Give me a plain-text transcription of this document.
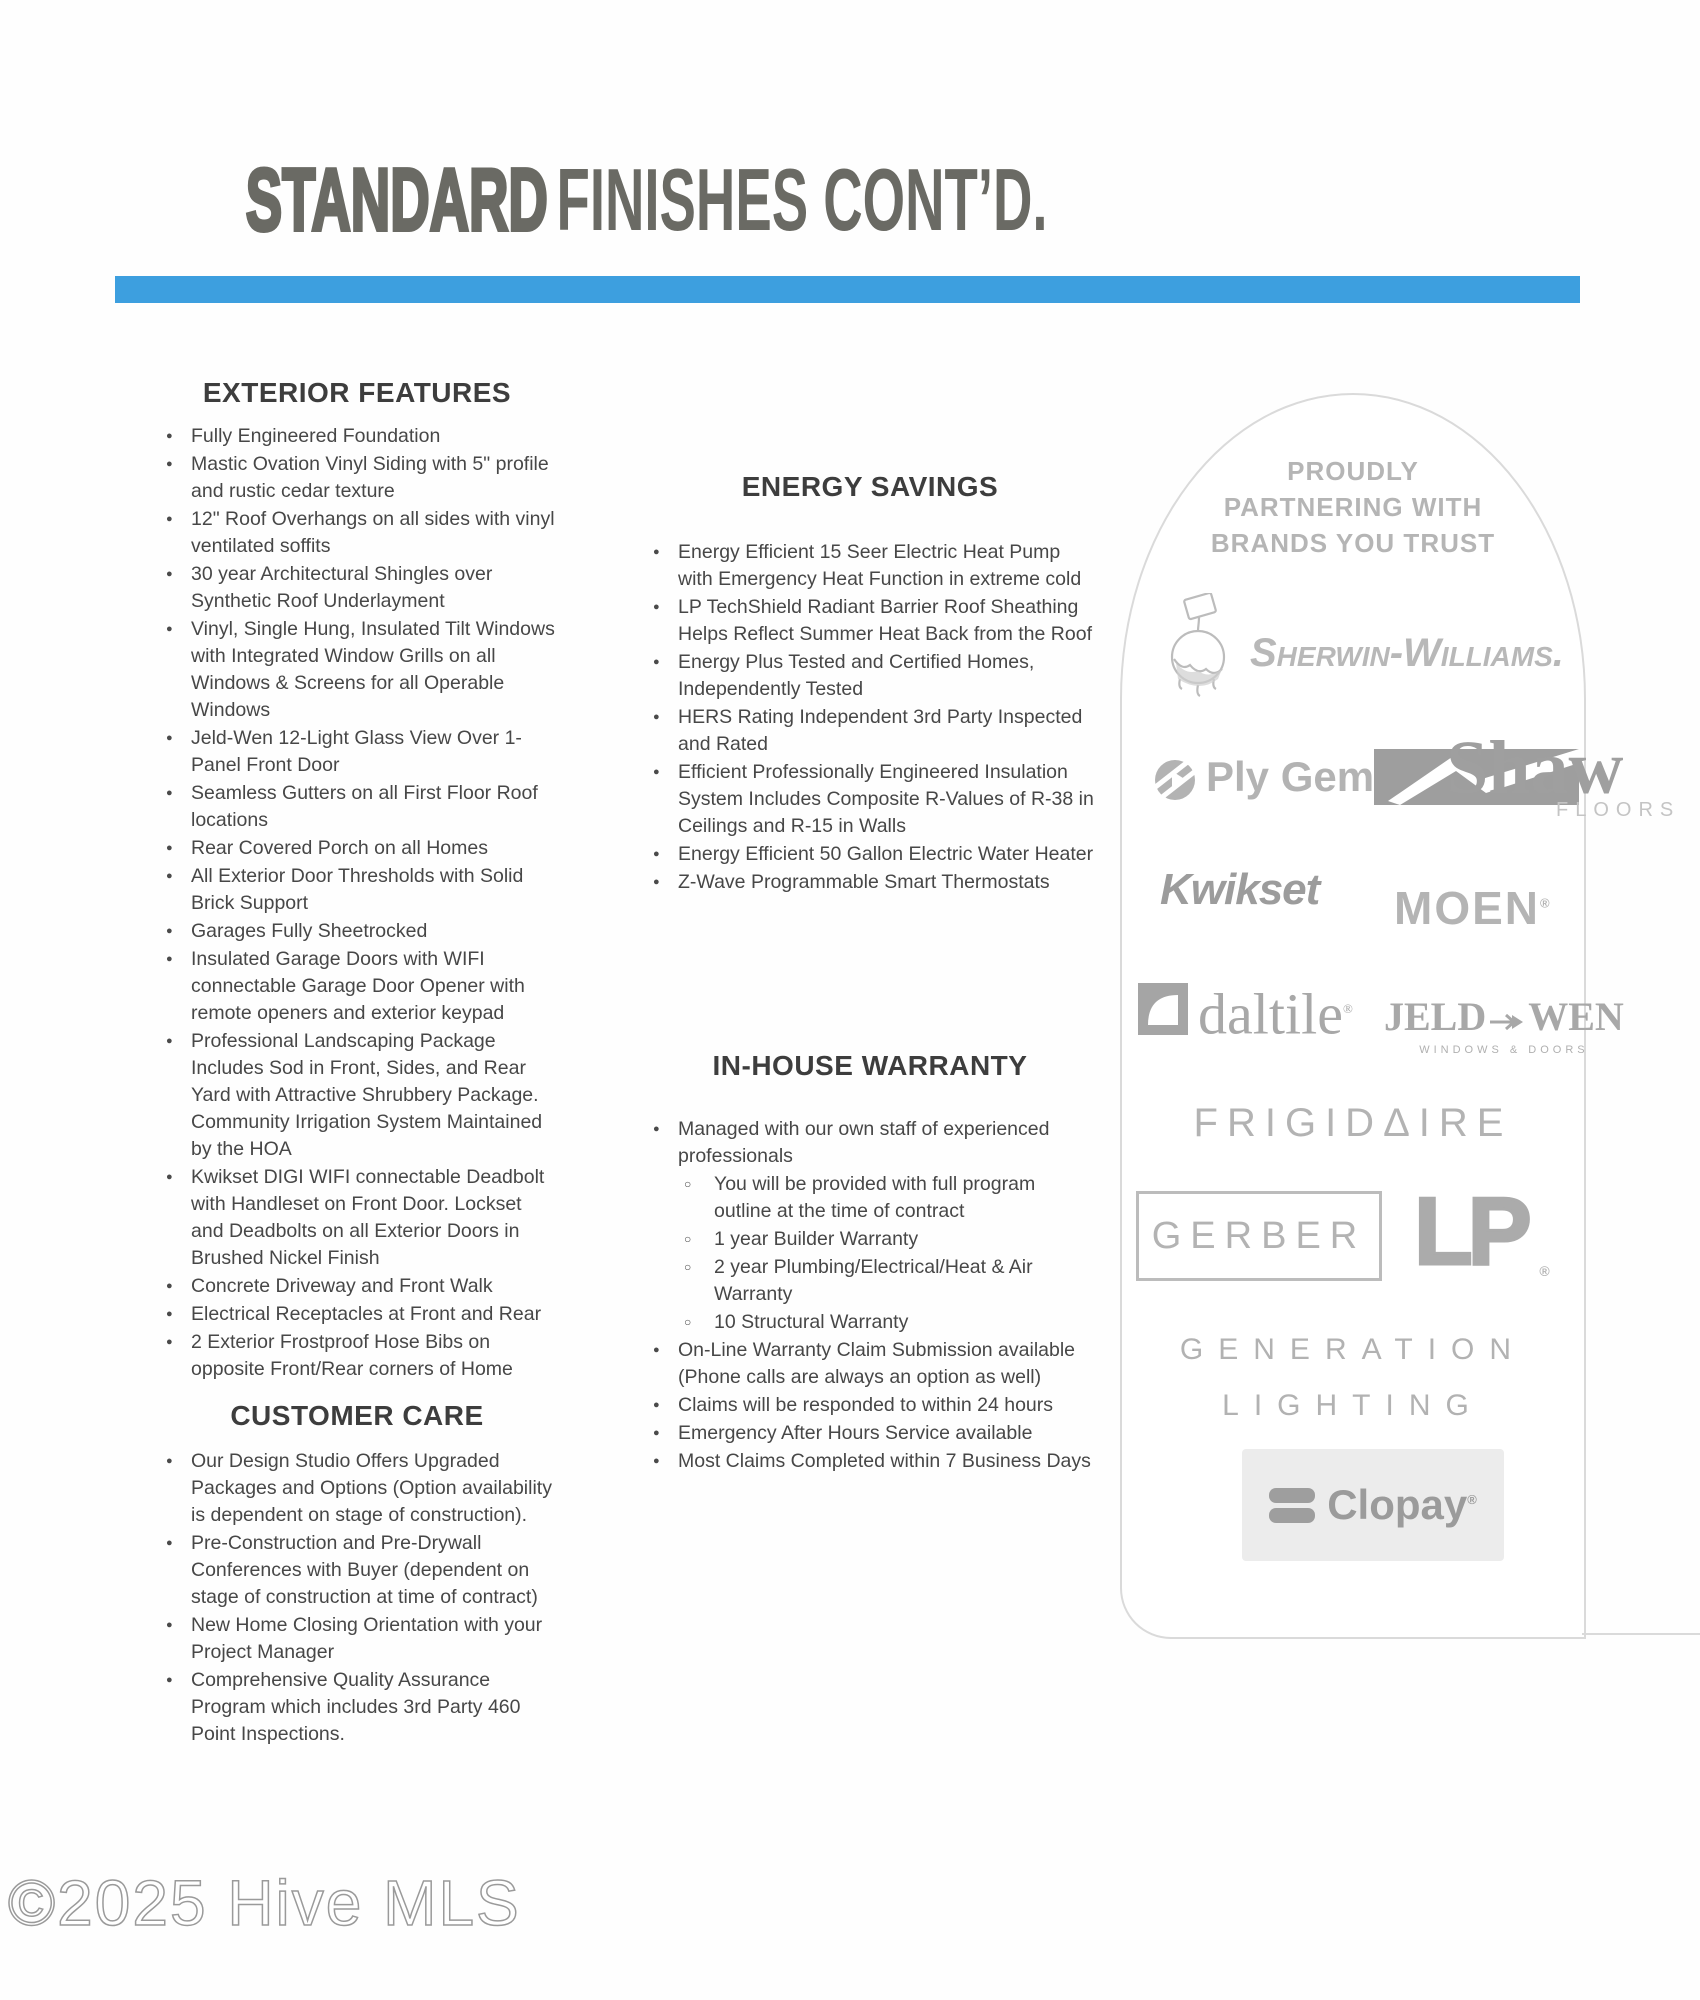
STANDARDFINISHES CONT’D.
EXTERIOR FEATURES
● Fully Engineered Foundation
● Mastic Ovation Vinyl Siding with 5" profile and rustic cedar texture
● 12" Roof Overhangs on all sides with vinyl ventilated soffits
● 30 year Architectural Shingles over Synthetic Roof Underlayment
● Vinyl, Single Hung, Insulated Tilt Windows with Integrated Window Grills on all Windows & Screens for all Operable Windows
● Jeld-Wen 12-Light Glass View Over 1-Panel Front Door
● Seamless Gutters on all First Floor Roof locations
● Rear Covered Porch on all Homes
● All Exterior Door Thresholds with Solid Brick Support
● Garages Fully Sheetrocked
● Insulated Garage Doors with WIFI connectable Garage Door Opener with remote openers and exterior keypad
● Professional Landscaping Package Includes Sod in Front, Sides, and Rear Yard with Attractive Shrubbery Package. Community Irrigation System Maintained by the HOA
● Kwikset DIGI WIFI connectable Deadbolt with Handleset on Front Door. Lockset and Deadbolts on all Exterior Doors in Brushed Nickel Finish
● Concrete Driveway and Front Walk
● Electrical Receptacles at Front and Rear
● 2 Exterior Frostproof Hose Bibs on opposite Front/Rear corners of Home
CUSTOMER CARE
● Our Design Studio Offers Upgraded Packages and Options (Option availability is dependent on stage of construction).
● Pre-Construction and Pre-Drywall Conferences with Buyer (dependent on stage of construction at time of contract)
● New Home Closing Orientation with your Project Manager
● Comprehensive Quality Assurance Program which includes 3rd Party 460 Point Inspections.
ENERGY SAVINGS
● Energy Efficient 15 Seer Electric Heat Pump with Emergency Heat Function in extreme cold
● LP TechShield Radiant Barrier Roof Sheathing Helps Reflect Summer Heat Back from the Roof
● Energy Plus Tested and Certified Homes, Independently Tested
● HERS Rating Independent 3rd Party Inspected and Rated
● Efficient Professionally Engineered Insulation System Includes Composite R-Values of R-38 in Ceilings and R-15 in Walls
● Energy Efficient 50 Gallon Electric Water Heater
● Z-Wave Programmable Smart Thermostats
IN-HOUSE WARRANTY
● Managed with our own staff of experienced professionals
○ You will be provided with full program outline at the time of contract
○ 1 year Builder Warranty
○ 2 year Plumbing/Electrical/Heat & Air Warranty
○ 10 Structural Warranty
● On-Line Warranty Claim Submission available (Phone calls are always an option as well)
● Claims will be responded to within 24 hours
● Emergency After Hours Service available
● Most Claims Completed within 7 Business Days
PROUDLY
PARTNERING WITH
BRANDS YOU TRUST
Sherwin-Williams.
Ply Gem Shaw
FLOORS
Kwikset MOEN®
daltile® JELD WEN
WINDOWS & DOORS
FRIGIDΔIRE
GERBER LP ®
GENERATION
LIGHTING
Clopay®
©2025 Hive MLS
